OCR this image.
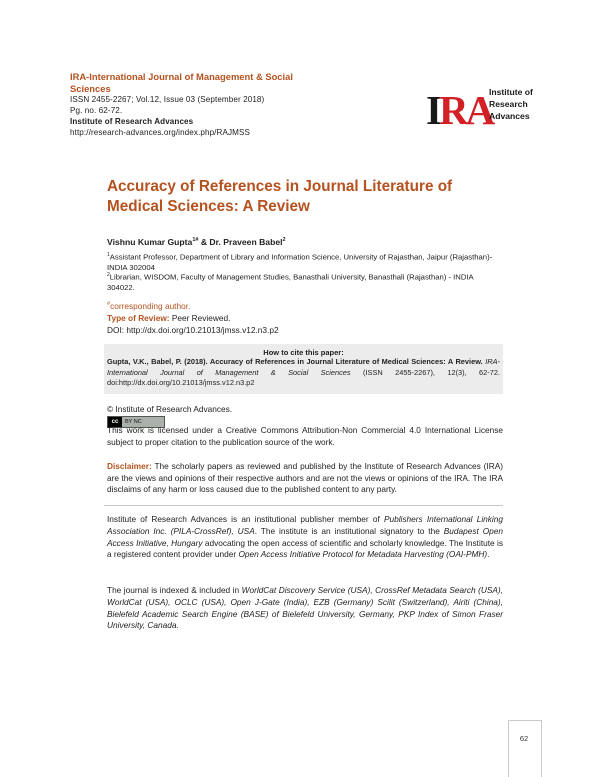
IRA-International Journal of Management & Social Sciences
ISSN 2455-2267; Vol.12, Issue 03 (September 2018)
Pg. no. 62-72.
Institute of Research Advances
http://research-advances.org/index.php/RAJMSS	IRA
Institute of
Research
Advances
Accuracy of References in Journal Literature of Medical Sciences: A Review
Vishnu Kumar Gupta$^{1\#}$ & Dr. Praveen Babel$^2$
$^1$Assistant Professor, Department of Library and Information Science, University of Rajasthan, Jaipur (Rajasthan)- INDIA 302004
$^2$Librarian, WISDOM, Faculty of Management Studies, Banasthali University, Banasthali (Rajasthan) - INDIA 304022.
#corresponding author.
Type of Review: Peer Reviewed.
DOI: http://dx.doi.org/10.21013/jmss.v12.n3.p2
How to cite this paper:
Gupta, V.K., Babel, P. (2018). Accuracy of References in Journal Literature of Medical Sciences: A Review. IRA-International Journal of Management & Social Sciences (ISSN 2455-2267), 12(3), 62-72. doi:http://dx.doi.org/10.21013/jmss.v12.n3.p2
© Institute of Research Advances.
cc	BY NC
This work is licensed under a Creative Commons Attribution-Non Commercial 4.0 International License subject to proper citation to the publication source of the work.
Disclaimer: The scholarly papers as reviewed and published by the Institute of Research Advances (IRA) are the views and opinions of their respective authors and are not the views or opinions of the IRA. The IRA disclaims of any harm or loss caused due to the published content to any party.
Institute of Research Advances is an institutional publisher member of Publishers International Linking Association Inc. (PILA-CrossRef), USA. The institute is an institutional signatory to the Budapest Open Access Initiative, Hungary advocating the open access of scientific and scholarly knowledge. The Institute is a registered content provider under Open Access Initiative Protocol for Metadata Harvesting (OAI-PMH).
The journal is indexed & included in WorldCat Discovery Service (USA), CrossRef Metadata Search (USA), WorldCat (USA), OCLC (USA), Open J-Gate (India), EZB (Germany) Scilit (Switzerland), Airiti (China), Bielefeld Academic Search Engine (BASE) of Bielefeld University, Germany, PKP Index of Simon Fraser University, Canada.
62
